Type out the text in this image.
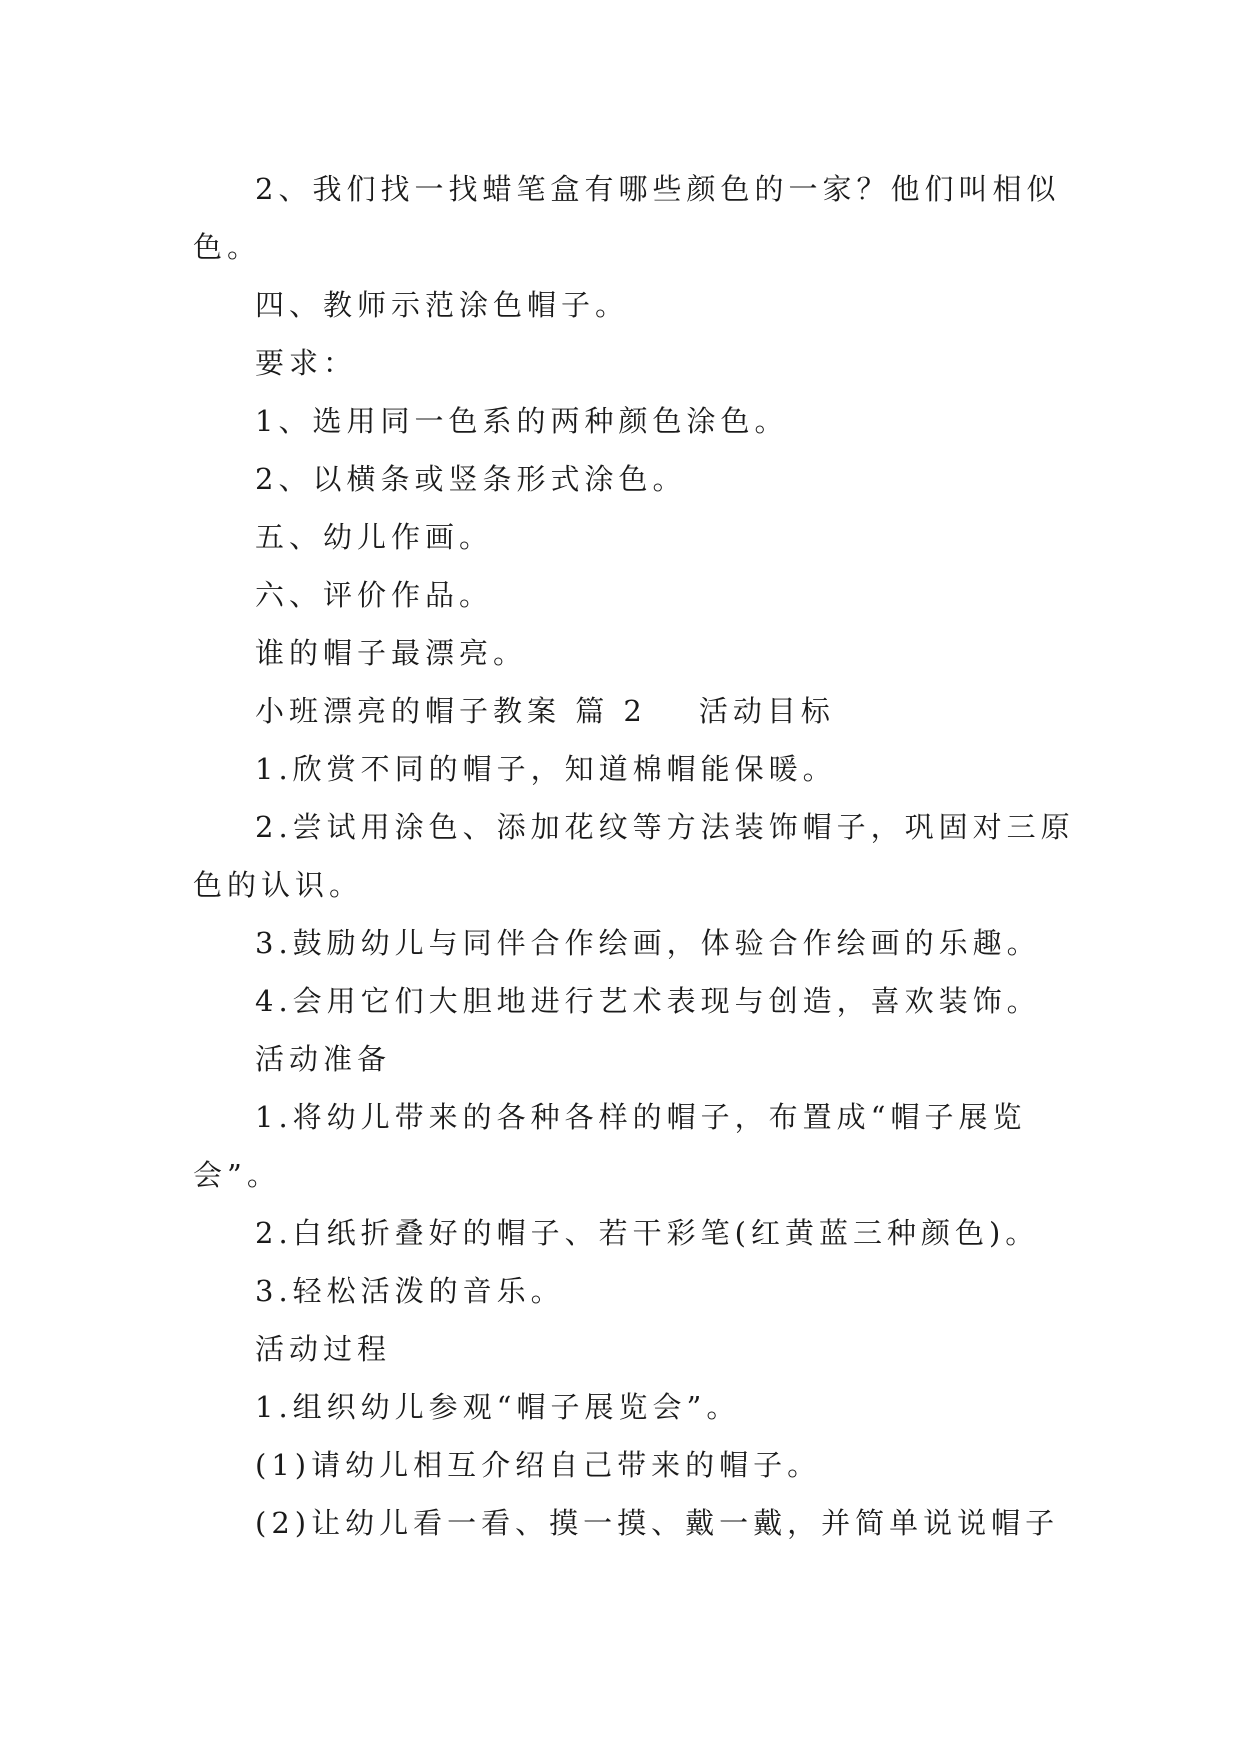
2、我们找一找蜡笔盒有哪些颜色的一家？他们叫相似
色。
四、教师示范涂色帽子。
要求：
1、选用同一色系的两种颜色涂色。
2、以横条或竖条形式涂色。
五、幼儿作画。
六、评价作品。
谁的帽子最漂亮。
小班漂亮的帽子教案 篇 2 活动目标
1.欣赏不同的帽子，知道棉帽能保暖。
2.尝试用涂色、添加花纹等方法装饰帽子，巩固对三原
色的认识。
3.鼓励幼儿与同伴合作绘画，体验合作绘画的乐趣。
4.会用它们大胆地进行艺术表现与创造，喜欢装饰。
活动准备
1.将幼儿带来的各种各样的帽子，布置成“帽子展览
会”。
2.白纸折叠好的帽子、若干彩笔(红黄蓝三种颜色)。
3.轻松活泼的音乐。
活动过程
1.组织幼儿参观“帽子展览会”。
(1)请幼儿相互介绍自己带来的帽子。
(2)让幼儿看一看、摸一摸、戴一戴，并简单说说帽子
